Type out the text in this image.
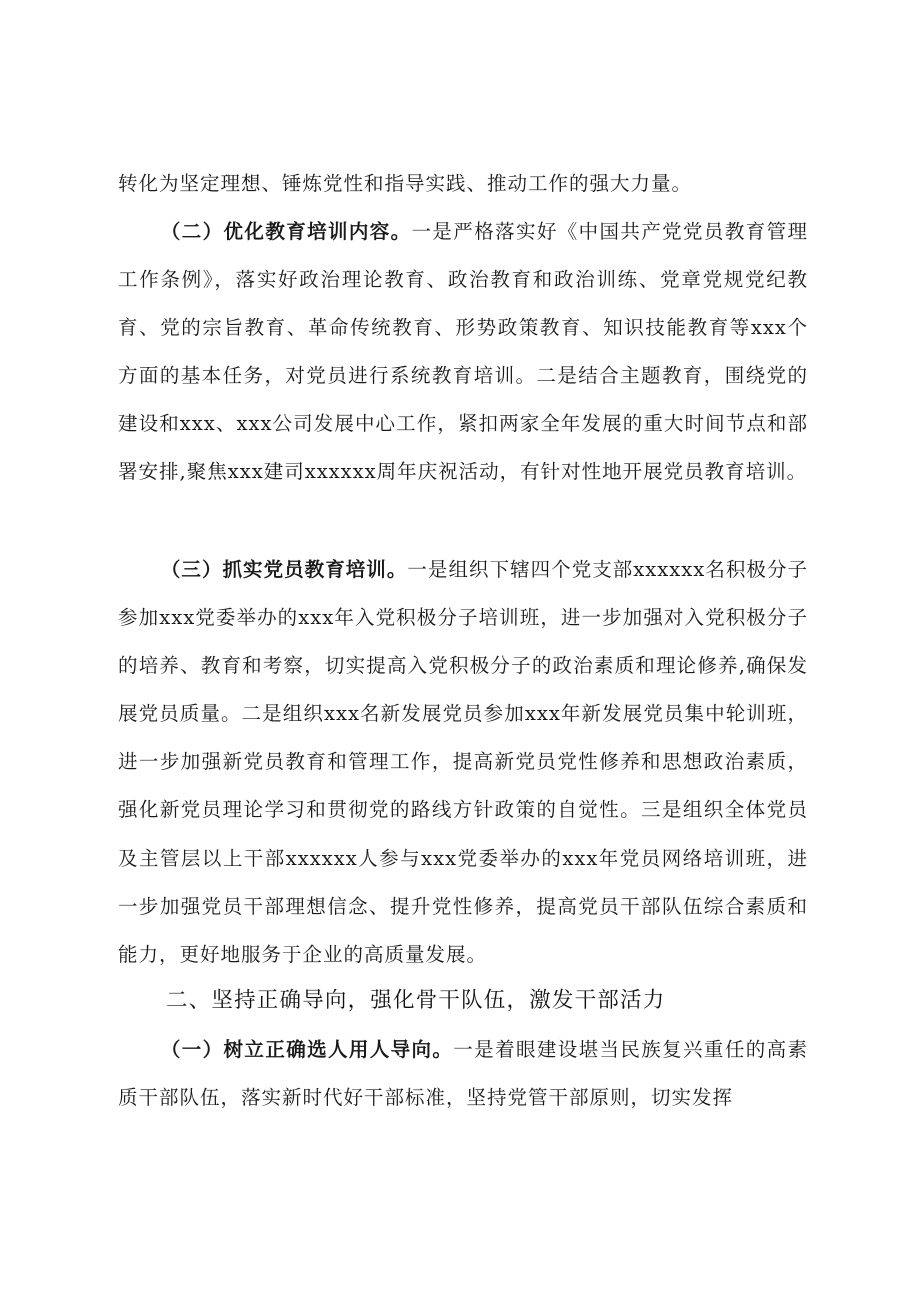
转化为坚定理想、锤炼党性和指导实践、推动工作的强大力量。

（二）优化教育培训内容。一是严格落实好《中国共产党党员教育管理工作条例》，落实好政治理论教育、政治教育和政治训练、党章党规党纪教育、党的宗旨教育、革命传统教育、形势政策教育、知识技能教育等xxx个方面的基本任务，对党员进行系统教育培训。二是结合主题教育，围绕党的建设和xxx、xxx公司发展中心工作，紧扣两家全年发展的重大时间节点和部署安排,聚焦xxx建司xxxxxx周年庆祝活动，有针对性地开展党员教育培训。

（三）抓实党员教育培训。一是组织下辖四个党支部xxxxxx名积极分子参加xxx党委举办的xxx年入党积极分子培训班，进一步加强对入党积极分子的培养、教育和考察，切实提高入党积极分子的政治素质和理论修养,确保发展党员质量。二是组织xxx名新发展党员参加xxx年新发展党员集中轮训班，进一步加强新党员教育和管理工作，提高新党员党性修养和思想政治素质，强化新党员理论学习和贯彻党的路线方针政策的自觉性。三是组织全体党员及主管层以上干部xxxxxx人参与xxx党委举办的xxx年党员网络培训班，进一步加强党员干部理想信念、提升党性修养，提高党员干部队伍综合素质和能力，更好地服务于企业的高质量发展。

二、坚持正确导向，强化骨干队伍，激发干部活力

（一）树立正确选人用人导向。一是着眼建设堪当民族复兴重任的高素质干部队伍，落实新时代好干部标准，坚持党管干部原则，切实发挥
